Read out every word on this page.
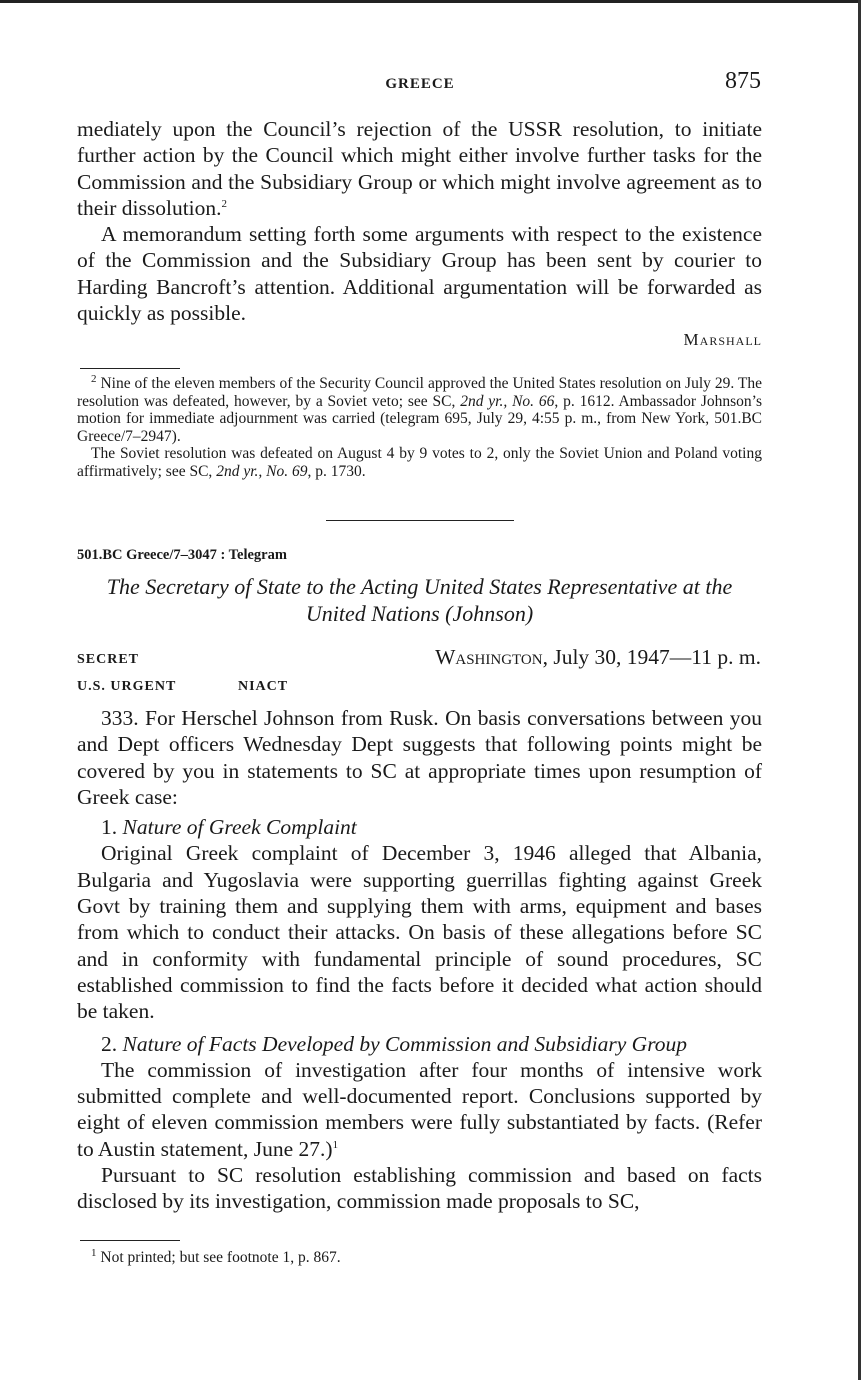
GREECE	875

mediately upon the Council’s rejection of the USSR resolution, to initiate further action by the Council which might either involve further tasks for the Commission and the Subsidiary Group or which might involve agreement as to their dissolution.$^2$

A memorandum setting forth some arguments with respect to the existence of the Commission and the Subsidiary Group has been sent by courier to Harding Bancroft’s attention. Additional argumentation will be forwarded as quickly as possible.

Marshall

$^2$ Nine of the eleven members of the Security Council approved the United States resolution on July 29. The resolution was defeated, however, by a Soviet veto; see SC, 2nd yr., No. 66, p. 1612. Ambassador Johnson’s motion for immediate adjournment was carried (telegram 695, July 29, 4:55 p. m., from New York, 501.BC Greece/7–2947).

The Soviet resolution was defeated on August 4 by 9 votes to 2, only the Soviet Union and Poland voting affirmatively; see SC, 2nd yr., No. 69, p. 1730.

501.BC Greece/7–3047 : Telegram
The Secretary of State to the Acting United States Representative at the United Nations (Johnson)
SECRET	Washington, July 30, 1947—11 p. m.
U.S. URGENT	NIACT

333. For Herschel Johnson from Rusk. On basis conversations between you and Dept officers Wednesday Dept suggests that following points might be covered by you in statements to SC at appropriate times upon resumption of Greek case:

1. Nature of Greek Complaint

Original Greek complaint of December 3, 1946 alleged that Albania, Bulgaria and Yugoslavia were supporting guerrillas fighting against Greek Govt by training them and supplying them with arms, equipment and bases from which to conduct their attacks. On basis of these allegations before SC and in conformity with fundamental principle of sound procedures, SC established commission to find the facts before it decided what action should be taken.

2. Nature of Facts Developed by Commission and Subsidiary Group

The commission of investigation after four months of intensive work submitted complete and well-documented report. Conclusions supported by eight of eleven commission members were fully substantiated by facts. (Refer to Austin statement, June 27.)$^1$

Pursuant to SC resolution establishing commission and based on facts disclosed by its investigation, commission made proposals to SC,

$^1$ Not printed; but see footnote 1, p. 867.
